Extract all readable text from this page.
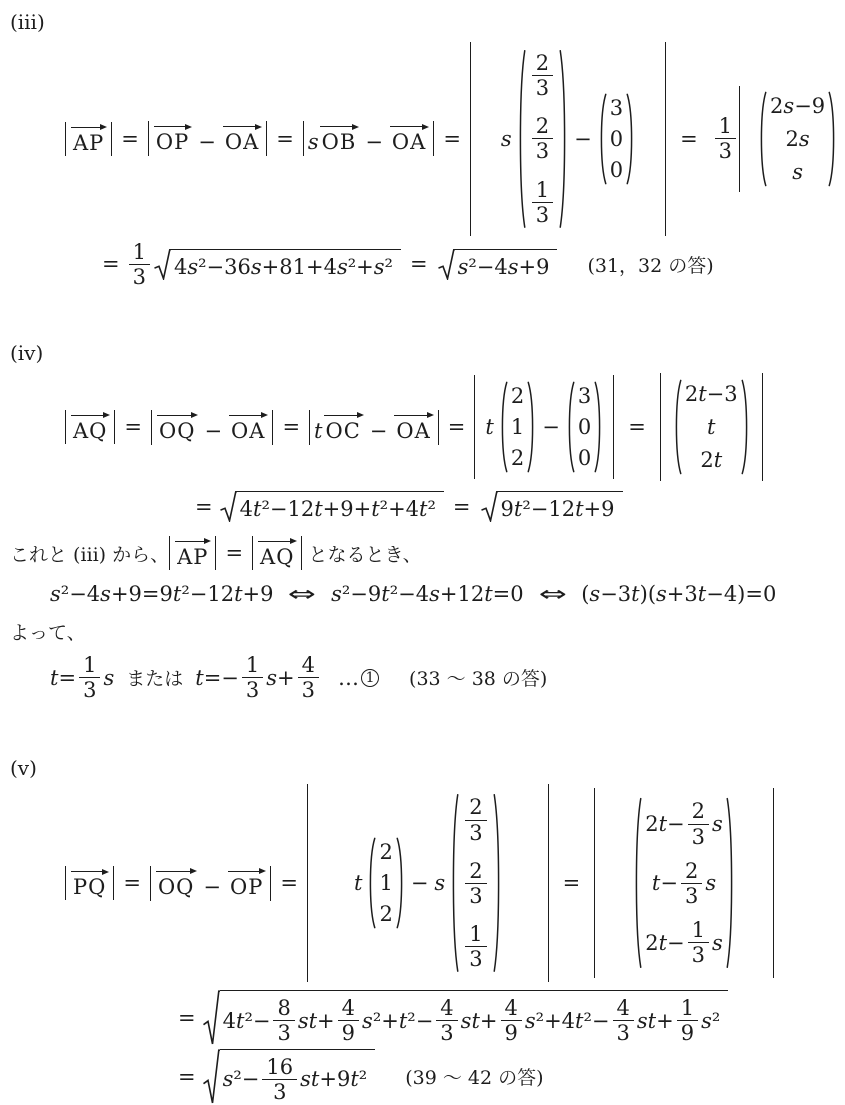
(ⅲ)
AP = OP − OA = s OB − OA = s
$\frac{2}{3}$
$\frac{2}{3}$
$\frac{1}{3}$
−
3
0
0
= $\frac{1}{3}$
2s−9
2s
s
= $\frac{1}{3} 4s^2-36s+81+4s^2+s^2 = s^2-4s+9$ (31，32 の答)
(ⅳ)
AQ = OQ − OA = t OC − OA = t
2
1
2
−
3
0
0
=
2t−3
t
2t
= 4t²−12t+9+t²+4t² = 9t²−12t+9
これと (ⅲ) から、 AP = AQ となるとき、
s²−4s+9=9t²−12t+9 ⇔ s²−9t²−4s+12t=0 ⇔ (s−3t)(s+3t−4)=0
よって、
$t= \frac{1}{3}$ s または $t=- \frac{1}{3} s+ \frac{4}{3}$ … 1 (33 〜 38 の答)
(ⅴ)
PQ = OQ − OP =	t
2
1
2
− s
$\frac{2}{3}$
$\frac{2}{3}$
$\frac{1}{3}$
=
$2t- \frac{2}{3}$ s
$t- \frac{2}{3}$ s
$2t- \frac{1}{3}$ s
= $4t^2- \frac{8}{3} st+ \frac{4}{9} s^2+t^2- \frac{4}{3} st+ \frac{4}{9} s^2+4t^2- \frac{4}{3} st+ \frac{1}{9} s^2$
= $s^2- \frac{16}{3} st+9t^2$ (39 〜 42 の答)
